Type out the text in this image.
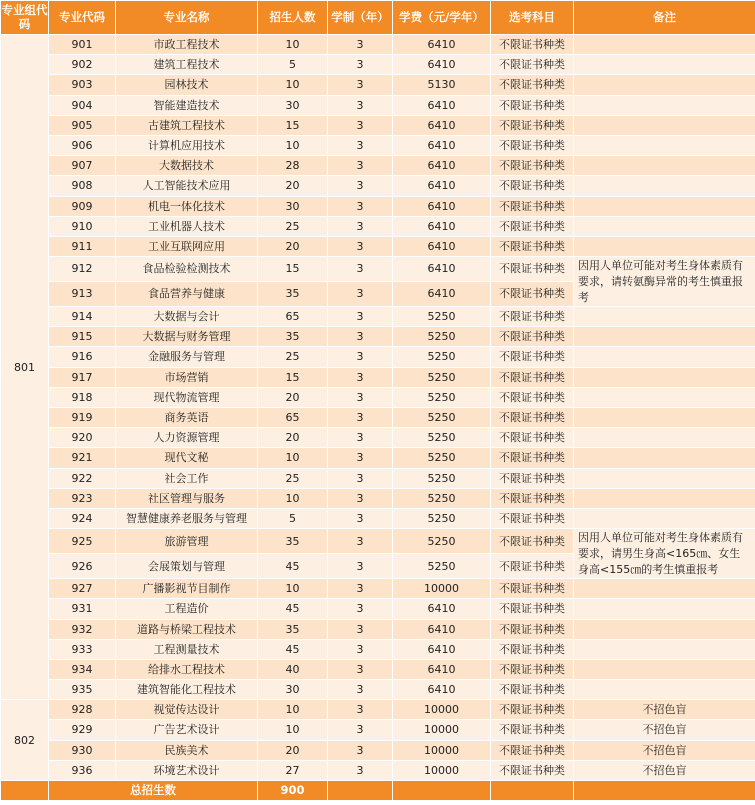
专业组代码	专业代码	专业名称	招生人数	学制（年）	学费（元/学年）	选考科目	备注
801	901	市政工程技术	10	3	6410	不限证书种类	
	902	建筑工程技术	5	3	6410	不限证书种类	
	903	园林技术	10	3	5130	不限证书种类	
	904	智能建造技术	30	3	6410	不限证书种类	
	905	古建筑工程技术	15	3	6410	不限证书种类	
	906	计算机应用技术	10	3	6410	不限证书种类	
	907	大数据技术	28	3	6410	不限证书种类	
	908	人工智能技术应用	20	3	6410	不限证书种类	
	909	机电一体化技术	30	3	6410	不限证书种类	
	910	工业机器人技术	25	3	6410	不限证书种类	
	911	工业互联网应用	20	3	6410	不限证书种类	
	912	食品检验检测技术	15	3	6410	不限证书种类	因用人单位可能对考生身体素质有要求，请转氨酶异常的考生慎重报考
	913	食品营养与健康	35	3	6410	不限证书种类	
	914	大数据与会计	65	3	5250	不限证书种类	
	915	大数据与财务管理	35	3	5250	不限证书种类	
	916	金融服务与管理	25	3	5250	不限证书种类	
	917	市场营销	15	3	5250	不限证书种类	
	918	现代物流管理	20	3	5250	不限证书种类	
	919	商务英语	65	3	5250	不限证书种类	
	920	人力资源管理	20	3	5250	不限证书种类	
	921	现代文秘	10	3	5250	不限证书种类	
	922	社会工作	25	3	5250	不限证书种类	
	923	社区管理与服务	10	3	5250	不限证书种类	
	924	智慧健康养老服务与管理	5	3	5250	不限证书种类	
	925	旅游管理	35	3	5250	不限证书种类	因用人单位可能对考生身体素质有要求，请男生身高<165㎝、女生身高<155㎝的考生慎重报考
	926	会展策划与管理	45	3	5250	不限证书种类	
	927	广播影视节目制作	10	3	10000	不限证书种类	
	931	工程造价	45	3	6410	不限证书种类	
	932	道路与桥梁工程技术	35	3	6410	不限证书种类	
	933	工程测量技术	45	3	6410	不限证书种类	
	934	给排水工程技术	40	3	6410	不限证书种类	
	935	建筑智能化工程技术	30	3	6410	不限证书种类	
802	928	视觉传达设计	10	3	10000	不限证书种类	不招色盲
	929	广告艺术设计	10	3	10000	不限证书种类	不招色盲
	930	民族美术	20	3	10000	不限证书种类	不招色盲
	936	环境艺术设计	27	3	10000	不限证书种类	不招色盲
	总招生数		900				
